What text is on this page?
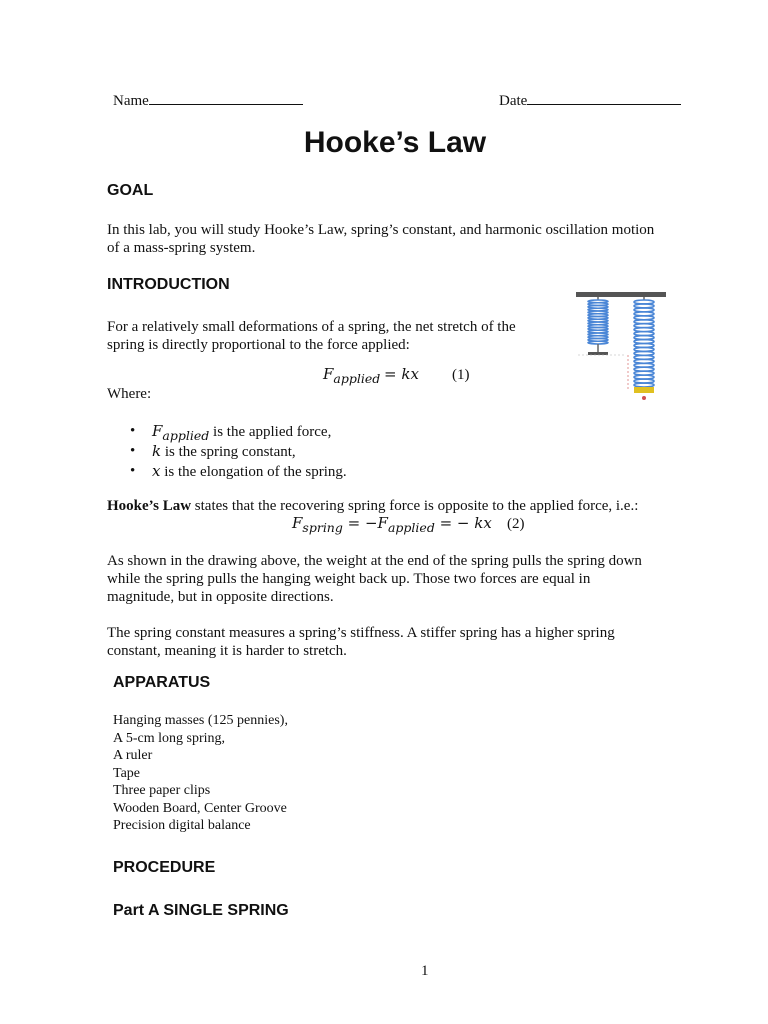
Name	Date
Hooke’s Law
GOAL
In this lab, you will study Hooke’s Law, spring’s constant, and harmonic oscillation motion
of a mass-spring system.
INTRODUCTION
For a relatively small deformations of a spring, the net stretch of the
spring is directly proportional to the force applied:
$F_{applied}$ = kx (1)
Where:
• $F_{applied}$ is the applied force,
• k is the spring constant,
• x is the elongation of the spring.
Hooke’s Law states that the recovering spring force is opposite to the applied force, i.e.:
$F_{spring} = -F_{applied}$ = − kx (2)
As shown in the drawing above, the weight at the end of the spring pulls the spring down
while the spring pulls the hanging weight back up. Those two forces are equal in
magnitude, but in opposite directions.
The spring constant measures a spring’s stiffness. A stiffer spring has a higher spring
constant, meaning it is harder to stretch.
APPARATUS
Hanging masses (125 pennies),
A 5-cm long spring,
A ruler
Tape
Three paper clips
Wooden Board, Center Groove
Precision digital balance
PROCEDURE
Part A SINGLE SPRING
1
